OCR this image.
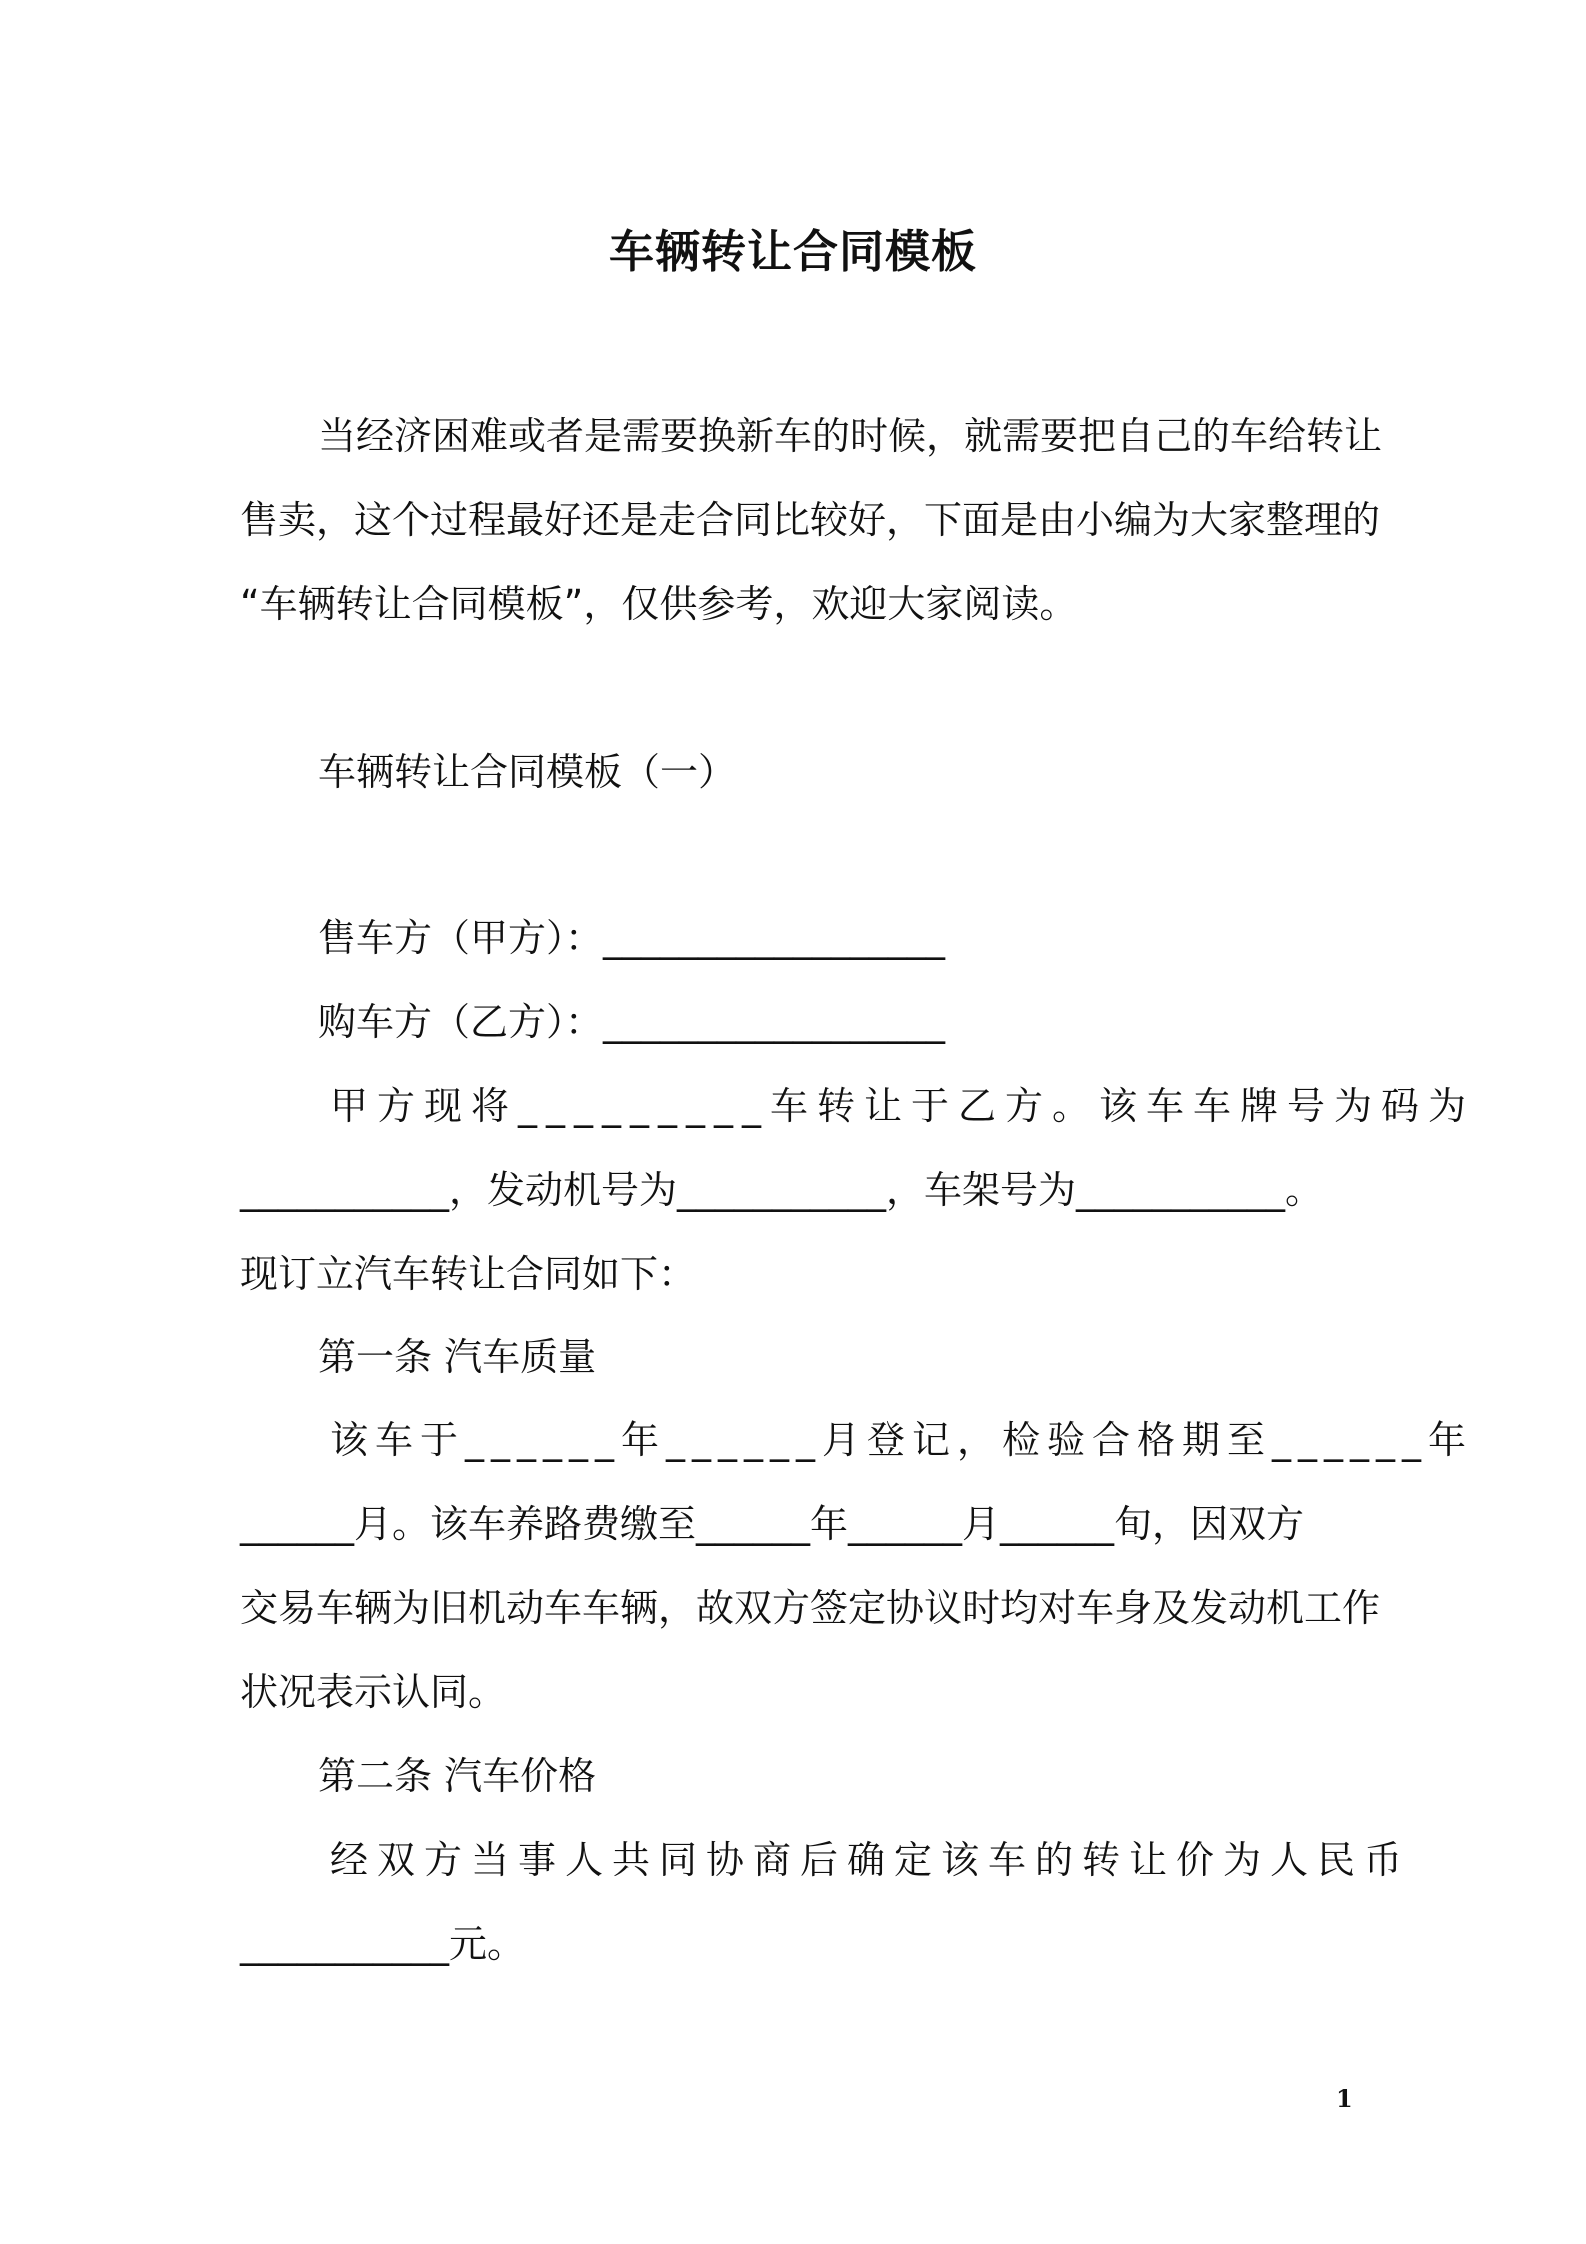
车辆转让合同模板
当经济困难或者是需要换新车的时候，就需要把自己的车给转让
售卖，这个过程最好还是走合同比较好，下面是由小编为大家整理的
“车辆转让合同模板”，仅供参考，欢迎大家阅读。
车辆转让合同模板（一）
售车方（甲方）：__________________
购车方（乙方）：__________________
甲方现将_________车转让于乙方。该车车牌号为码为
___________，发动机号为___________，车架号为___________。
现订立汽车转让合同如下：
第一条 汽车质量
该车于______年______月登记，检验合格期至______年
______月。该车养路费缴至______年______月______旬，因双方
交易车辆为旧机动车车辆，故双方签定协议时均对车身及发动机工作
状况表示认同。
第二条 汽车价格
经双方当事人共同协商后确定该车的转让价为人民币
___________元。
1
